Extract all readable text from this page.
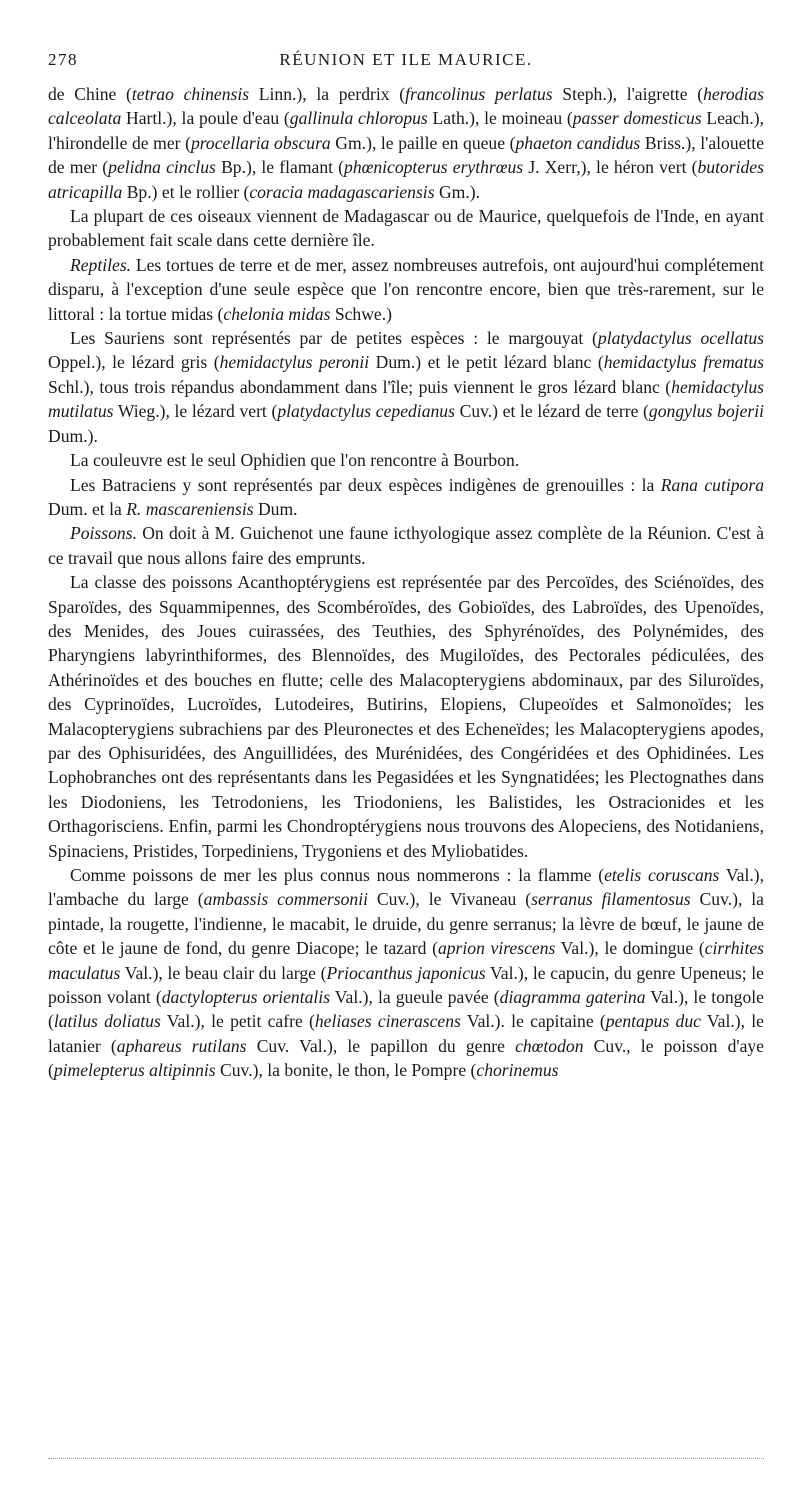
278	RÉUNION ET ILE MAURICE.

de Chine (tetrao chinensis Linn.), la perdrix (francolinus perlatus Steph.), l'aigrette (herodias calceolata Hartl.), la poule d'eau (gallinula chloropus Lath.), le moineau (passer domesticus Leach.), l'hirondelle de mer (procellaria obscura Gm.), le paille en queue (phaeton candidus Briss.), l'alouette de mer (pelidna cinclus Bp.), le flamant (phœnicopterus erythrœus J. Xerr,), le héron vert (butorides atricapilla Bp.) et le rollier (coracia madagascariensis Gm.).

La plupart de ces oiseaux viennent de Madagascar ou de Maurice, quelquefois de l'Inde, en ayant probablement fait scale dans cette dernière île.

Reptiles. Les tortues de terre et de mer, assez nombreuses autrefois, ont aujourd'hui complétement disparu, à l'exception d'une seule espèce que l'on rencontre encore, bien que très-rarement, sur le littoral : la tortue midas (chelonia midas Schwe.)

Les Sauriens sont représentés par de petites espèces : le margouyat (platydactylus ocellatus Oppel.), le lézard gris (hemidactylus peronii Dum.) et le petit lézard blanc (hemidactylus frematus Schl.), tous trois répandus abondamment dans l'île; puis viennent le gros lézard blanc (hemidactylus mutilatus Wieg.), le lézard vert (platydactylus cepedianus Cuv.) et le lézard de terre (gongylus bojerii Dum.).

La couleuvre est le seul Ophidien que l'on rencontre à Bourbon.

Les Batraciens y sont représentés par deux espèces indigènes de grenouilles : la Rana cutipora Dum. et la R. mascareniensis Dum.

Poissons. On doit à M. Guichenot une faune icthyologique assez complète de la Réunion. C'est à ce travail que nous allons faire des emprunts.

La classe des poissons Acanthoptérygiens est représentée par des Percoïdes, des Sciénoïdes, des Sparoïdes, des Squammipennes, des Scombéroïdes, des Gobioïdes, des Labroïdes, des Upenoïdes, des Menides, des Joues cuirassées, des Teuthies, des Sphyrénoïdes, des Polynémides, des Pharyngiens labyrinthiformes, des Blennoïdes, des Mugiloïdes, des Pectorales pédiculées, des Athérinoïdes et des bouches en flutte; celle des Malacopterygiens abdominaux, par des Siluroïdes, des Cyprinoïdes, Lucroïdes, Lutodeires, Butirins, Elopiens, Clupeoïdes et Salmonoïdes; les Malacopterygiens subrachiens par des Pleuronectes et des Echeneïdes; les Malacopterygiens apodes, par des Ophisuridées, des Anguillidées, des Murénidées, des Congéridées et des Ophidinées. Les Lophobranches ont des représentants dans les Pegasidées et les Syngnatidées; les Plectognathes dans les Diodoniens, les Tetrodoniens, les Triodoniens, les Balistides, les Ostracionides et les Orthagorisciens. Enfin, parmi les Chondroptérygiens nous trouvons des Alopeciens, des Notidaniens, Spinaciens, Pristides, Torpediniens, Trygoniens et des Myliobatides.

Comme poissons de mer les plus connus nous nommerons : la flamme (etelis coruscans Val.), l'ambache du large (ambassis commersonii Cuv.), le Vivaneau (serranus filamentosus Cuv.), la pintade, la rougette, l'indienne, le macabit, le druide, du genre serranus; la lèvre de bœuf, le jaune de côte et le jaune de fond, du genre Diacope; le tazard (aprion virescens Val.), le domingue (cirrhites maculatus Val.), le beau clair du large (Priocanthus japonicus Val.), le capucin, du genre Upeneus; le poisson volant (dactylopterus orientalis Val.), la gueule pavée (diagramma gaterina Val.), le tongole (latilus doliatus Val.), le petit cafre (heliases cinerascens Val.). le capitaine (pentapus duc Val.), le latanier (aphareus rutilans Cuv. Val.), le papillon du genre chœtodon Cuv., le poisson d'aye (pimelepterus altipinnis Cuv.), la bonite, le thon, le Pompre (chorinemus
